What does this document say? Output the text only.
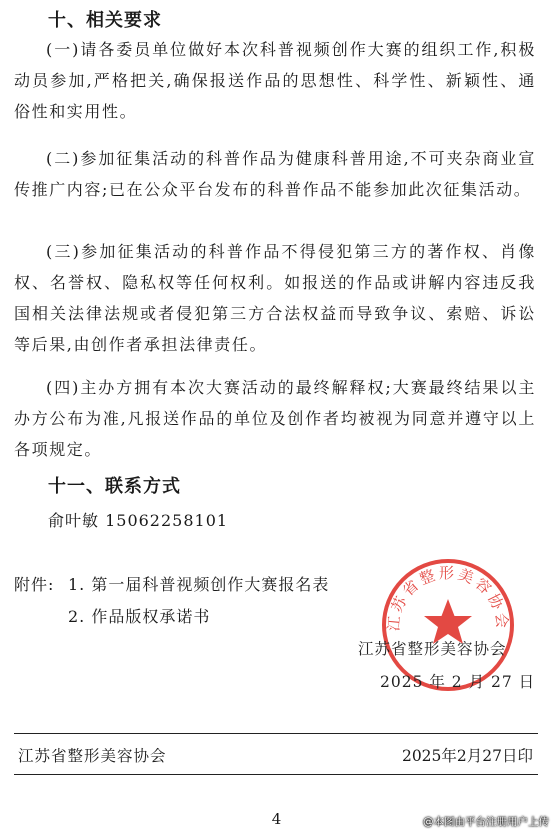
十、相关要求
(一)请各委员单位做好本次科普视频创作大赛的组织工作,积极动员参加,严格把关,确保报送作品的思想性、科学性、新颖性、通俗性和实用性。
(二)参加征集活动的科普作品为健康科普用途,不可夹杂商业宣传推广内容;已在公众平台发布的科普作品不能参加此次征集活动。
(三)参加征集活动的科普作品不得侵犯第三方的著作权、肖像权、名誉权、隐私权等任何权利。如报送的作品或讲解内容违反我国相关法律法规或者侵犯第三方合法权益而导致争议、索赔、诉讼等后果,由创作者承担法律责任。
(四)主办方拥有本次大赛活动的最终解释权;大赛最终结果以主办方公布为准,凡报送作品的单位及创作者均被视为同意并遵守以上各项规定。
十一、联系方式
俞叶敏 15062258101
附件: 1. 第一届科普视频创作大赛报名表
2. 作品版权承诺书	江苏省整形美容协会
江苏省整形美容协会
2025 年 2 月 27 日
江苏省整形美容协会	2025年2月27日印
4	@本图由平台注册用户上传
